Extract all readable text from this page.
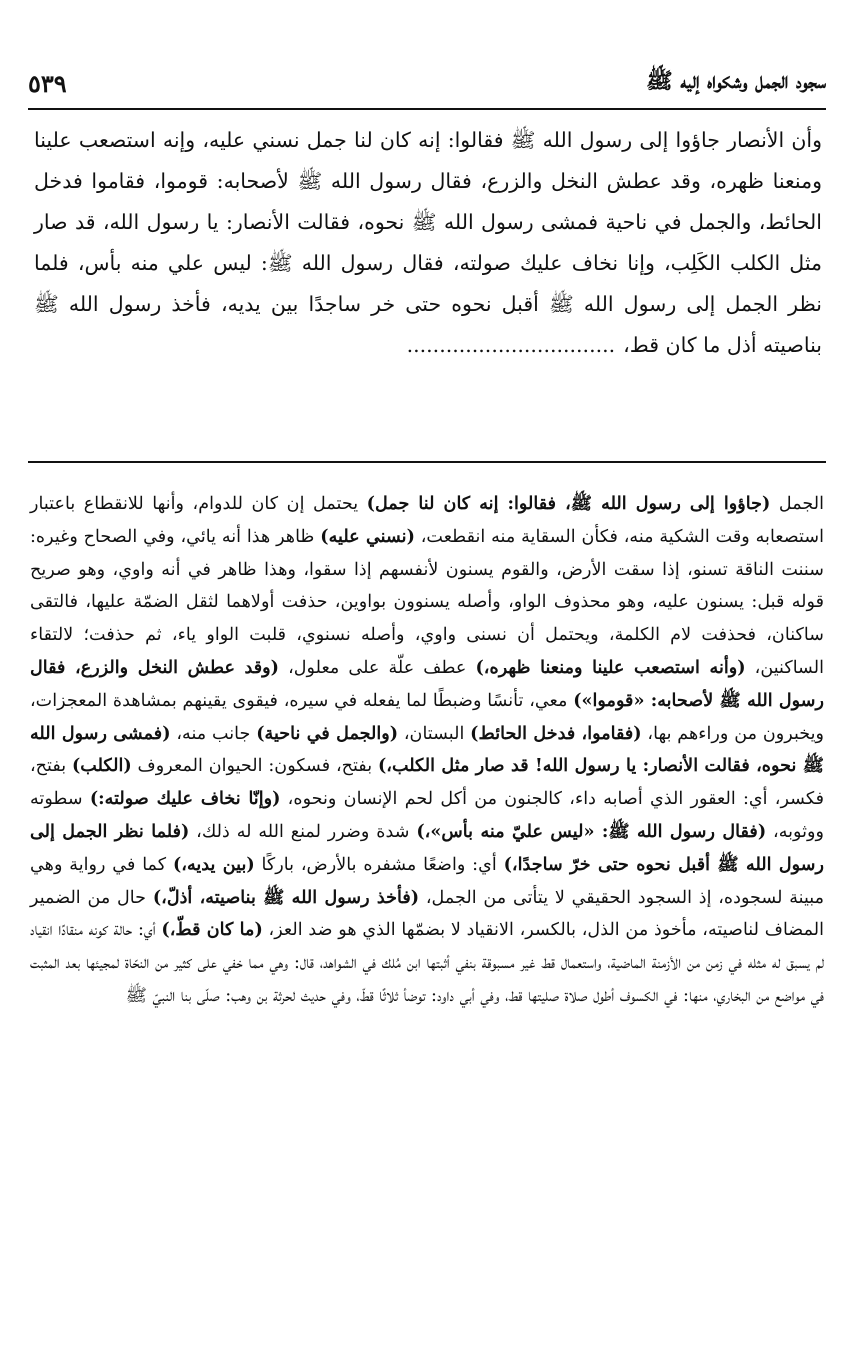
سجود الجمل وشكواه إليه ﷺ
٥٣٩

وأن الأنصار جاؤوا إلى رسول الله ﷺ فقالوا: إنه كان لنا جمل نسني عليه، وإنه استصعب علينا ومنعنا ظهره، وقد عطش النخل والزرع، فقال رسول الله ﷺ لأصحابه: قوموا، فقاموا فدخل الحائط، والجمل في ناحية فمشى رسول الله ﷺ نحوه، فقالت الأنصار: يا رسول الله، قد صار مثل الكلب الكَلِب، وإنا نخاف عليك صولته، فقال رسول الله ﷺ: ليس علي منه بأس، فلما نظر الجمل إلى رسول الله ﷺ أقبل نحوه حتى خر ساجدًا بين يديه، فأخذ رسول الله ﷺ بناصيته أذل ما كان قط،................................

الجمل (جاؤوا إلى رسول الله ﷺ، فقالوا: إنه كان لنا جمل) يحتمل إن كان للدوام، وأنها للانقطاع باعتبار استصعابه وقت الشكية منه، فكأن السقاية منه انقطعت، (نسني عليه) ظاهر هذا أنه يائي، وفي الصحاح وغيره: سننت الناقة تسنو، إذا سقت الأرض، والقوم يسنون لأنفسهم إذا سقوا، وهذا ظاهر في أنه واوي، وهو صريح قوله قبل: يسنون عليه، وهو محذوف الواو، وأصله يسنوون بواوين، حذفت أولاهما لثقل الضمّة عليها، فالتقى ساكنان، فحذفت لام الكلمة، ويحتمل أن نسنى واوي، وأصله نسنوي، قلبت الواو ياء، ثم حذفت؛ لالتقاء الساكنين، (وأنه استصعب علينا ومنعنا ظهره،) عطف علّة على معلول، (وقد عطش النخل والزرع، فقال رسول الله ﷺ لأصحابه: «قوموا») معي، تأنسًا وضبطًا لما يفعله في سيره، فيقوى يقينهم بمشاهدة المعجزات، ويخبرون من وراءهم بها، (فقاموا، فدخل الحائط) البستان، (والجمل في ناحية) جانب منه، (فمشى رسول الله ﷺ نحوه، فقالت الأنصار: يا رسول الله! قد صار مثل الكلب،) بفتح، فسكون: الحيوان المعروف (الكلب) بفتح، فكسر، أي: العقور الذي أصابه داء، كالجنون من أكل لحم الإنسان ونحوه، (وإنّا نخاف عليك صولته:) سطوته ووثوبه، (فقال رسول الله ﷺ: «ليس عليّ منه بأس»،) شدة وضرر لمنع الله له ذلك، (فلما نظر الجمل إلى رسول الله ﷺ أقبل نحوه حتى خرّ ساجدًا،) أي: واضعًا مشفره بالأرض، باركًا (بين يديه،) كما في رواية وهي مبينة لسجوده، إذ السجود الحقيقي لا يتأتى من الجمل، (فأخذ رسول الله ﷺ بناصيته، أذلّ،) حال من الضمير المضاف لناصيته، مأخوذ من الذل، بالكسر، الانقياد لا بضمّها الذي هو ضد العز، (ما كان قطّ،) أي: حالة كونه منقادًا انقياد لم يسبق له مثله في زمن من الأزمنة الماضية، واستعمال قط غير مسبوقة بنفي أثبتها ابن مُلك في الشواهد، قال: وهي مما خفي على كثير من النحّاة لمجيئها بعد المثبت في مواضع من البخاري، منها: في الكسوف أطول صلاة صليتها قط، وفي أبي داود: توضأ ثلاثًا قطّ، وفي حديث لحرثة بن وهب: صلّى بنا النبيّ ﷺ
